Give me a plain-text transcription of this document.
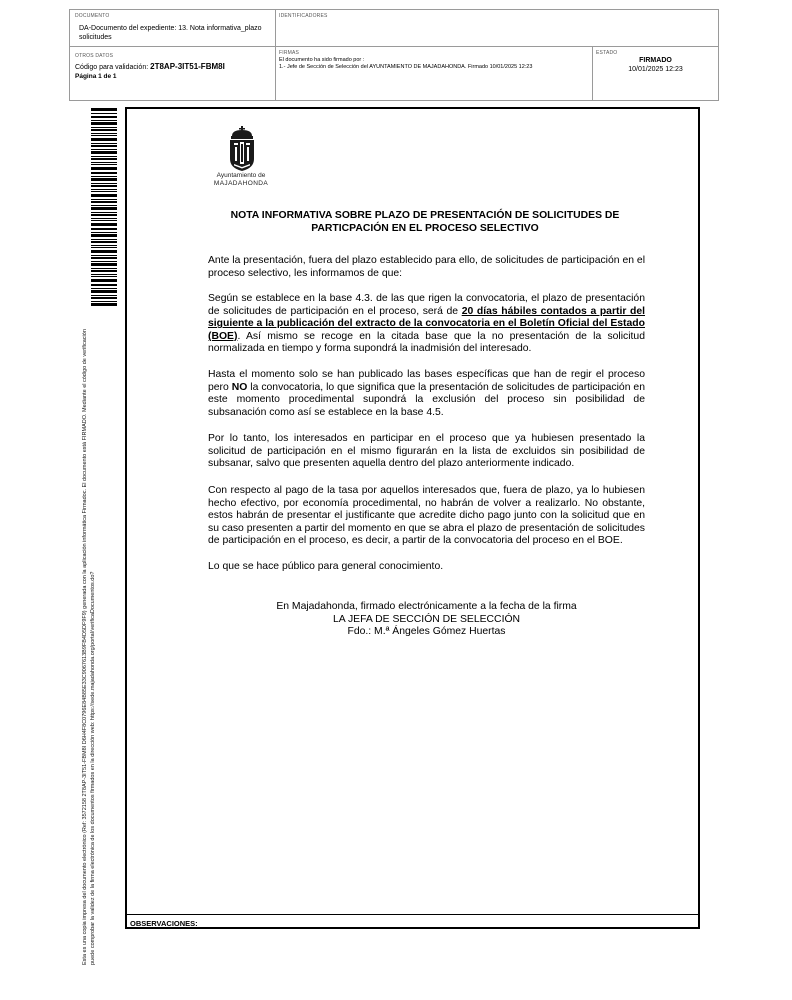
DOCUMENTO
DA-Documento del expediente: 13. Nota informativa_plazo solicitudes
IDENTIFICADORES
OTROS DATOS
Código para validación: 2T8AP-3IT51-FBM8I
Página 1 de 1
FIRMAS
El documento ha sido firmado por :
1.- Jefe de Sección de Selección del AYUNTAMIENTO DE MAJADAHONDA. Firmado 10/01/2025 12:23
ESTADO
FIRMADO
10/01/2025 12:23
Esta es una copia impresa del documento electrónico (Ref: 3572158 2T8AP-3IT51-FBM8I D6H4F8C0796E84B85E33C9067613B9FB4D5DF9F9) generada con la aplicación informática Firmadoc. El documento está FIRMADO. Mediante el código de verificación puede comprobar la validez de la firma electrónica de los documentos firmados en la dirección web: https://sede.majadahonda.org/portal/verificaDocumentos.do?
Ayuntamiento de
MAJADAHONDA
NOTA INFORMATIVA SOBRE PLAZO DE PRESENTACIÓN DE SOLICITUDES DE PARTICPACIÓN EN EL PROCESO SELECTIVO
Ante la presentación, fuera del plazo establecido para ello, de solicitudes de participación en el proceso selectivo, les informamos de que:
Según se establece en la base 4.3. de las que rigen la convocatoria, el plazo de presentación de solicitudes de participación en el proceso, será de 20 días hábiles contados a partir del siguiente a la publicación del extracto de la convocatoria en el Boletín Oficial del Estado (BOE). Así mismo se recoge en la citada base que la no presentación de la solicitud normalizada en tiempo y forma supondrá la inadmisión del interesado.
Hasta el momento solo se han publicado las bases específicas que han de regir el proceso pero NO la convocatoria, lo que significa que la presentación de solicitudes de participación en este momento procedimental supondrá la exclusión del proceso sin posibilidad de subsanación como así se establece en la base 4.5.
Por lo tanto, los interesados en participar en el proceso que ya hubiesen presentado la solicitud de participación en el mismo figurarán en la lista de excluidos sin posibilidad de subsanar, salvo que presenten aquella dentro del plazo anteriormente indicado.
Con respecto al pago de la tasa por aquellos interesados que, fuera de plazo, ya lo hubiesen hecho efectivo, por economía procedimental, no habrán de volver a realizarlo. No obstante, estos habrán de presentar el justificante que acredite dicho pago junto con la solicitud que en su caso presenten a partir del momento en que se abra el plazo de presentación de solicitudes de participación en el proceso, es decir, a partir de la convocatoria del proceso en el BOE.
Lo que se hace público para general conocimiento.
En Majadahonda, firmado electrónicamente a la fecha de la firma
LA JEFA DE SECCIÓN DE SELECCIÓN
Fdo.: M.ª Ángeles Gómez Huertas
OBSERVACIONES:
